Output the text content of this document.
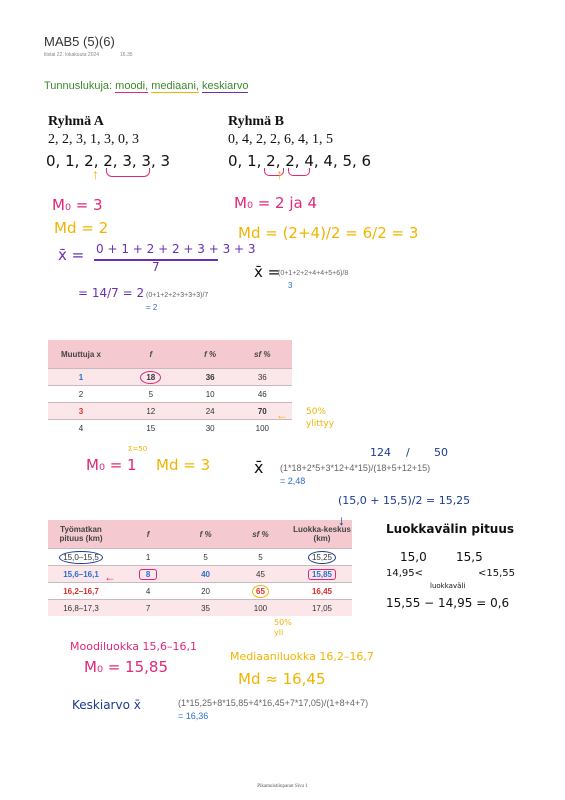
MAB5 (5)(6)
tiistai 22. lokakuuta 2024	16.35
Tunnuslukuja: moodi, mediaani, keskiarvo
Ryhmä A
2, 2, 3, 1, 3, 0, 3
0, 1, 2, 2, 3, 3, 3
↑
M₀ = 3
Md = 2
x̄ = 0 + 1 + 2 + 2 + 3 + 3 + 3
7
= 14/7 = 2 (0+1+2+2+3+3+3)/7
= 2
Ryhmä B
0, 4, 2, 2, 6, 4, 1, 5
0, 1, 2, 2, 4, 4, 5, 6
↑
M₀ = 2 ja 4
Md = (2+4)/2 = 6/2 = 3
x̄ =
(0+1+2+2+4+4+5+6)/8
3
Muuttuja x	f	f %	sf %
1	18	36	36
2	5	10	46
3	12	24	70
4	15	30	100
← 50% ylittyy
Σ=50
M₀ = 1 Md = 3	x̄
124 / 50
(1*18+2*5+3*12+4*15)/(18+5+12+15)
= 2,48
Työmatkan pituus (km)	f	f %	sf %	Luokka-keskus (km)
15,0–15,5	1	5	5	15,25
15,6–16,1	8	40	45	15,85
16,2–16,7	4	20	65	16,45
16,8–17,3	7	35	100	17,05
←
↓
50% yli
(15,0 + 15,5)/2 = 15,25
Luokkavälin pituus
15,0 15,5
14,95<	<15,55
luokkaväli
15,55 − 14,95 = 0,6
Moodiluokka 15,6–16,1
M₀ = 15,85
Mediaaniluokka 16,2–16,7
Md ≈ 16,45
Keskiarvo x̄	(1*15,25+8*15,85+4*16,45+7*17,05)/(1+8+4+7)
= 16,36
Pikamuistiinpanot Sivu 1
